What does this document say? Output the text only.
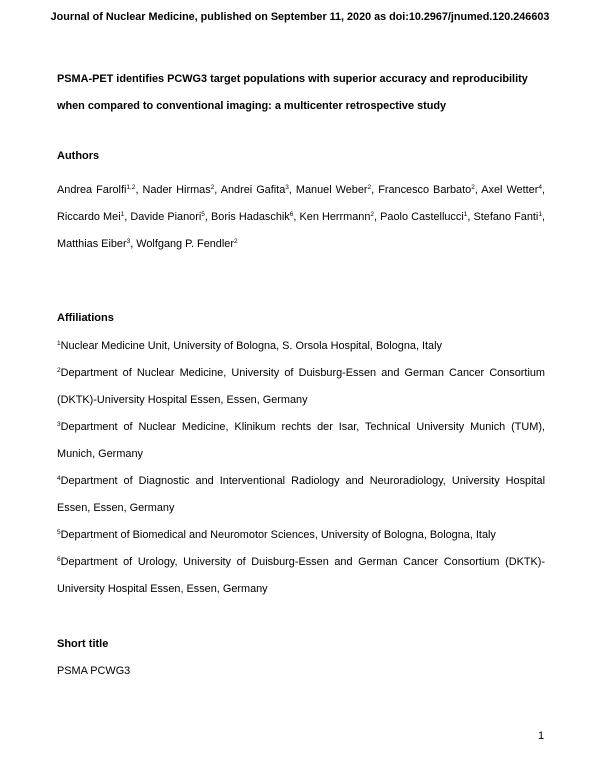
Journal of Nuclear Medicine, published on September 11, 2020 as doi:10.2967/jnumed.120.246603
PSMA-PET identifies PCWG3 target populations with superior accuracy and reproducibility when compared to conventional imaging: a multicenter retrospective study
Authors
Andrea Farolfi$^{1,2}$, Nader Hirmas$^2$, Andrei Gafita$^3$, Manuel Weber$^2$, Francesco Barbato$^2$, Axel Wetter$^4$, Riccardo Mei$^1$, Davide Pianori$^5$, Boris Hadaschik$^6$, Ken Herrmann$^2$, Paolo Castellucci$^1$, Stefano Fanti$^1$, Matthias Eiber$^3$, Wolfgang P. Fendler$^2$
Affiliations
$^1$Nuclear Medicine Unit, University of Bologna, S. Orsola Hospital, Bologna, Italy
$^2$Department of Nuclear Medicine, University of Duisburg-Essen and German Cancer Consortium (DKTK)-University Hospital Essen, Essen, Germany
$^3$Department of Nuclear Medicine, Klinikum rechts der Isar, Technical University Munich (TUM), Munich, Germany
$^4$Department of Diagnostic and Interventional Radiology and Neuroradiology, University Hospital Essen, Essen, Germany
$^5$Department of Biomedical and Neuromotor Sciences, University of Bologna, Bologna, Italy
$^6$Department of Urology, University of Duisburg-Essen and German Cancer Consortium (DKTK)-University Hospital Essen, Essen, Germany
Short title
PSMA PCWG3
1
